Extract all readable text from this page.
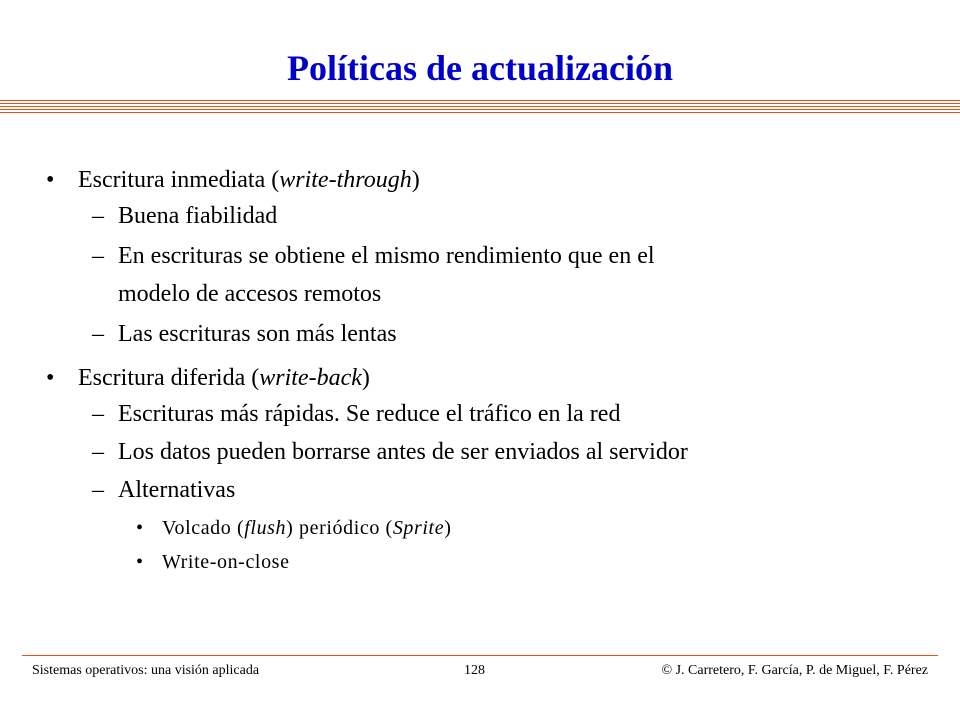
Políticas de actualización
• Escritura inmediata (write-through)
– Buena fiabilidad
– En escrituras se obtiene el mismo rendimiento que en el
modelo de accesos remotos
– Las escrituras son más lentas
• Escritura diferida (write-back)
– Escrituras más rápidas. Se reduce el tráfico en la red
– Los datos pueden borrarse antes de ser enviados al servidor
– Alternativas
• Volcado (flush) periódico (Sprite)
• Write-on-close
Sistemas operativos: una visión aplicada	128	© J. Carretero, F. García, P. de Miguel, F. Pérez
